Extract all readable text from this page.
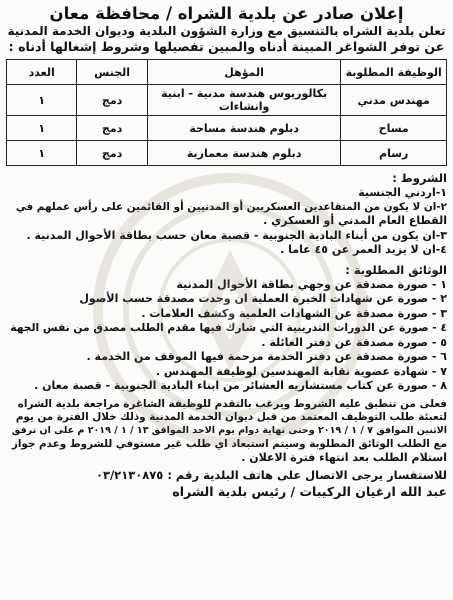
إعلان صادر عن بلدية الشراه / محافظة معان
تعلن بلدية الشراه بالتنسيق مع وزارة الشؤون البلدية وديوان الخدمة المدنية
عن توفر الشواغر المبينة أدناه والمبين تفصيلها وشروط إشغالها أدناه :
الوظيفة المطلوبة	المؤهل	الجنس	العدد
مهندس مدني	بكالوريوس هندسة مدنية - ابنية وانشاءات	دمج	١
مساح	دبلوم هندسة مساحة	دمج	١
رسام	دبلوم هندسة معمارية	دمج	١
الشروط :
١-اردني الجنسية
٢-ان لا يكون من المتقاعدين العسكريين أو المدنيين أو القائمين على رأس عملهم في
القطاع العام المدني أو العسكري .
٣-ان يكون من أبناء البادية الجنوبية - قصبة معان حسب بطاقة الأحوال المدنية .
٤-ان لا يزيد العمر عن ٤٥ عاما .
الوثائق المطلوبة :
١ - صورة مصدقة عن وجهي بطاقة الأحوال المدنية
٢ - صورة عن شهادات الخبرة العملية ان وجدت مصدقة حسب الأصول
٣ - صورة مصدقة عن الشهادات العلمية وكشف العلامات .
٤ - صورة عن الدورات التدريبية التي شارك فيها مقدم الطلب مصدق من نفس الجهة
٥ - صورة مصدقة عن دفتر العائلة .
٦ - صورة مصدقة عن دفتر الخدمة مرحمة فيها الموقف من الخدمة .
٧ - شهادة عضوية نقابة المهندسين لوظيفة المهندس .
٨ - صورة عن كتاب مستشاريه العشائر من ابناء البادية الجنوبية - قصبة معان .
فعلى من تنطبق عليه الشروط ويرغب بالتقدم للوظيفة الشاغرة مراجعة بلدية الشراه
لتعبئة طلب التوظيف المعتمد من قبل ديوان الخدمة المدنية وذلك خلال الفترة من يوم
الاثنين الموافق ٧ / ١ / ٢٠١٩ وحتى نهاية دوام يوم الاحد الموافق ١٣ / ١ / ٢٠١٩ م على ان ترفق
مع الطلب الوثائق المطلوبة وسيتم استبعاد اي طلب غير مستوفي للشروط وعدم جواز
استلام الطلب بعد انتهاء فترة الاعلان .
للاستفسار يرجى الاتصال على هاتف البلدية رقم : ٠٣/٢١٣٠٨٧٥
عبد الله ارغيان الركيبات / رئيس بلدية الشراه
